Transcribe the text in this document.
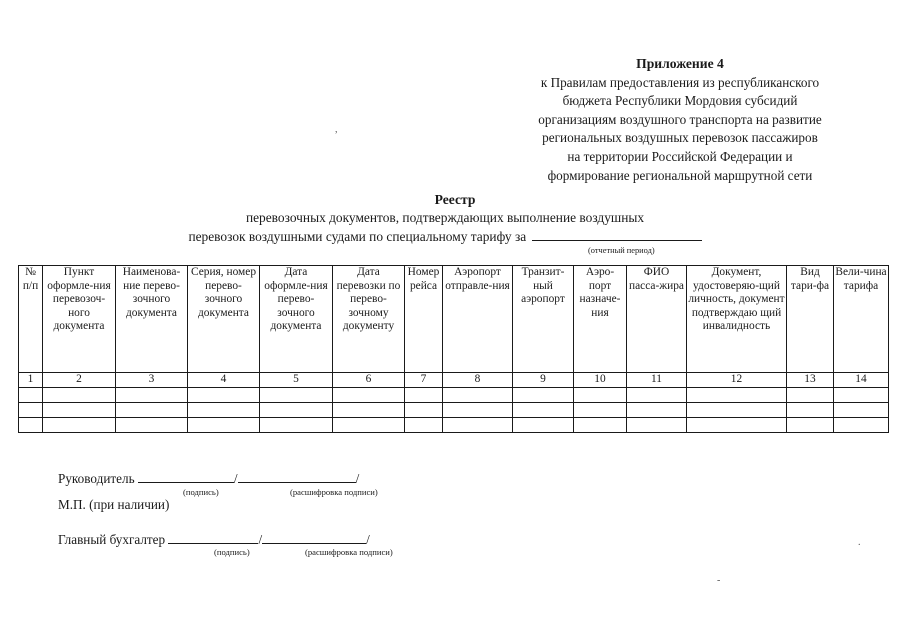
Приложение 4
к Правилам предоставления из республиканского
бюджета Республики Мордовия субсидий
организациям воздушного транспорта на развитие
региональных воздушных перевозок пассажиров
на территории Российской Федерации и
формирование региональной маршрутной сети
,
Реестр
перевозочных документов, подтверждающих выполнение воздушных
перевозок воздушными судами по специальному тарифу за
(отчетный период)
№ п/п	Пункт оформле-ния перевозоч-ного документа	Наименова-ние перево-зочного документа	Серия, номер перево-зочного документа	Дата оформле-ния перево-зочного документа	Дата перевозки по перево-зочному документу	Номер рейса	Аэропорт отправле-ния	Транзит-ный аэропорт	Аэро-порт назначе-ния	ФИО пасса-жира	Документ, удостоверяю-щий личность, документ подтверждаю щий инвалидность	Вид тари-фа	Вели-чина тарифа
1	2	3	4	5	6	7	8	9	10	11	12	13	14

Руководитель	/	/
(подпись)	(расшифровка подписи)
М.П. (при наличии)
Главный бухгалтер	/	/
(подпись)	(расшифровка подписи)
.
-
